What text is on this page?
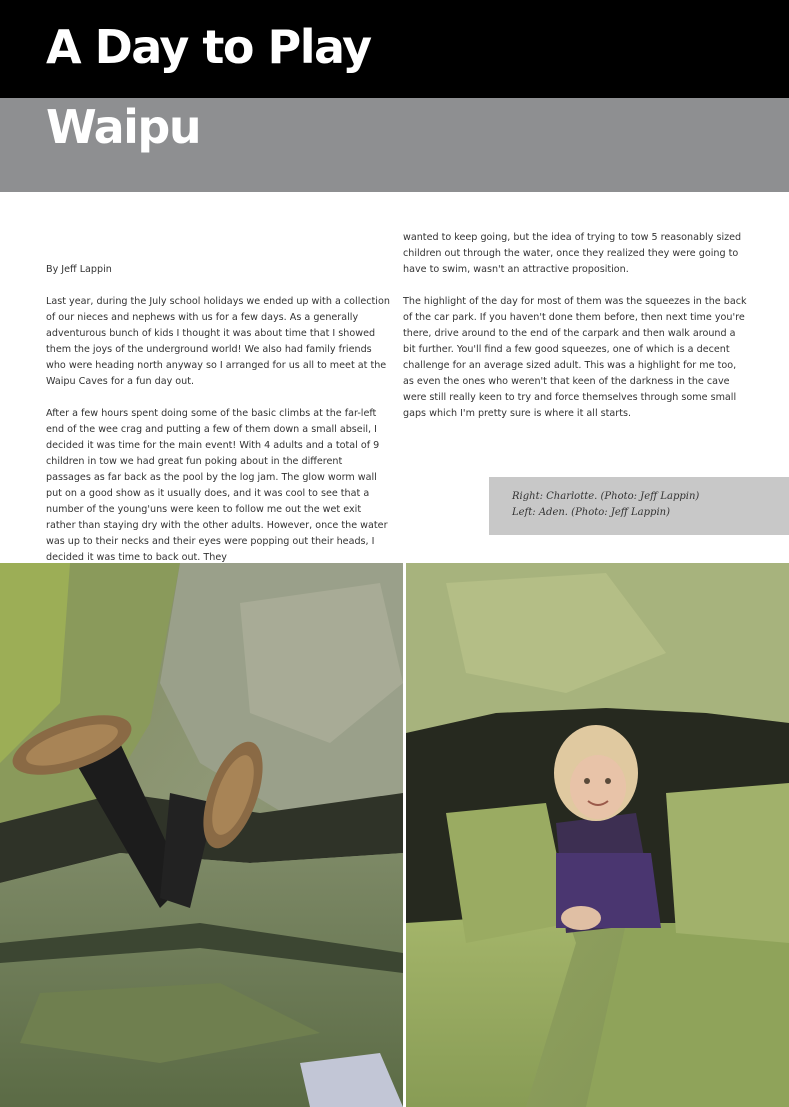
A Day to Play
Waipu

By Jeff Lappin

Last year, during the July school holidays we ended up with a collection of our nieces and nephews with us for a few days. As a generally adventurous bunch of kids I thought it was about time that I showed them the joys of the underground world! We also had family friends who were heading north anyway so I arranged for us all to meet at the Waipu Caves for a fun day out.

After a few hours spent doing some of the basic climbs at the far-left end of the wee crag and putting a few of them down a small abseil, I decided it was time for the main event! With 4 adults and a total of 9 children in tow we had great fun poking about in the different passages as far back as the pool by the log jam. The glow worm wall put on a good show as it usually does, and it was cool to see that a number of the young'uns were keen to follow me out the wet exit rather than staying dry with the other adults. However, once the water was up to their necks and their eyes were popping out their heads, I decided it was time to back out. They

wanted to keep going, but the idea of trying to tow 5 reasonably sized children out through the water, once they realized they were going to have to swim, wasn't an attractive proposition.

The highlight of the day for most of them was the squeezes in the back of the car park. If you haven't done them before, then next time you're there, drive around to the end of the carpark and then walk around a bit further. You'll find a few good squeezes, one of which is a decent challenge for an average sized adult. This was a highlight for me too, as even the ones who weren't that keen of the darkness in the cave were still really keen to try and force themselves through some small gaps which I'm pretty sure is where it all starts.

Right: Charlotte. (Photo: Jeff Lappin)
Left: Aden. (Photo: Jeff Lappin)
